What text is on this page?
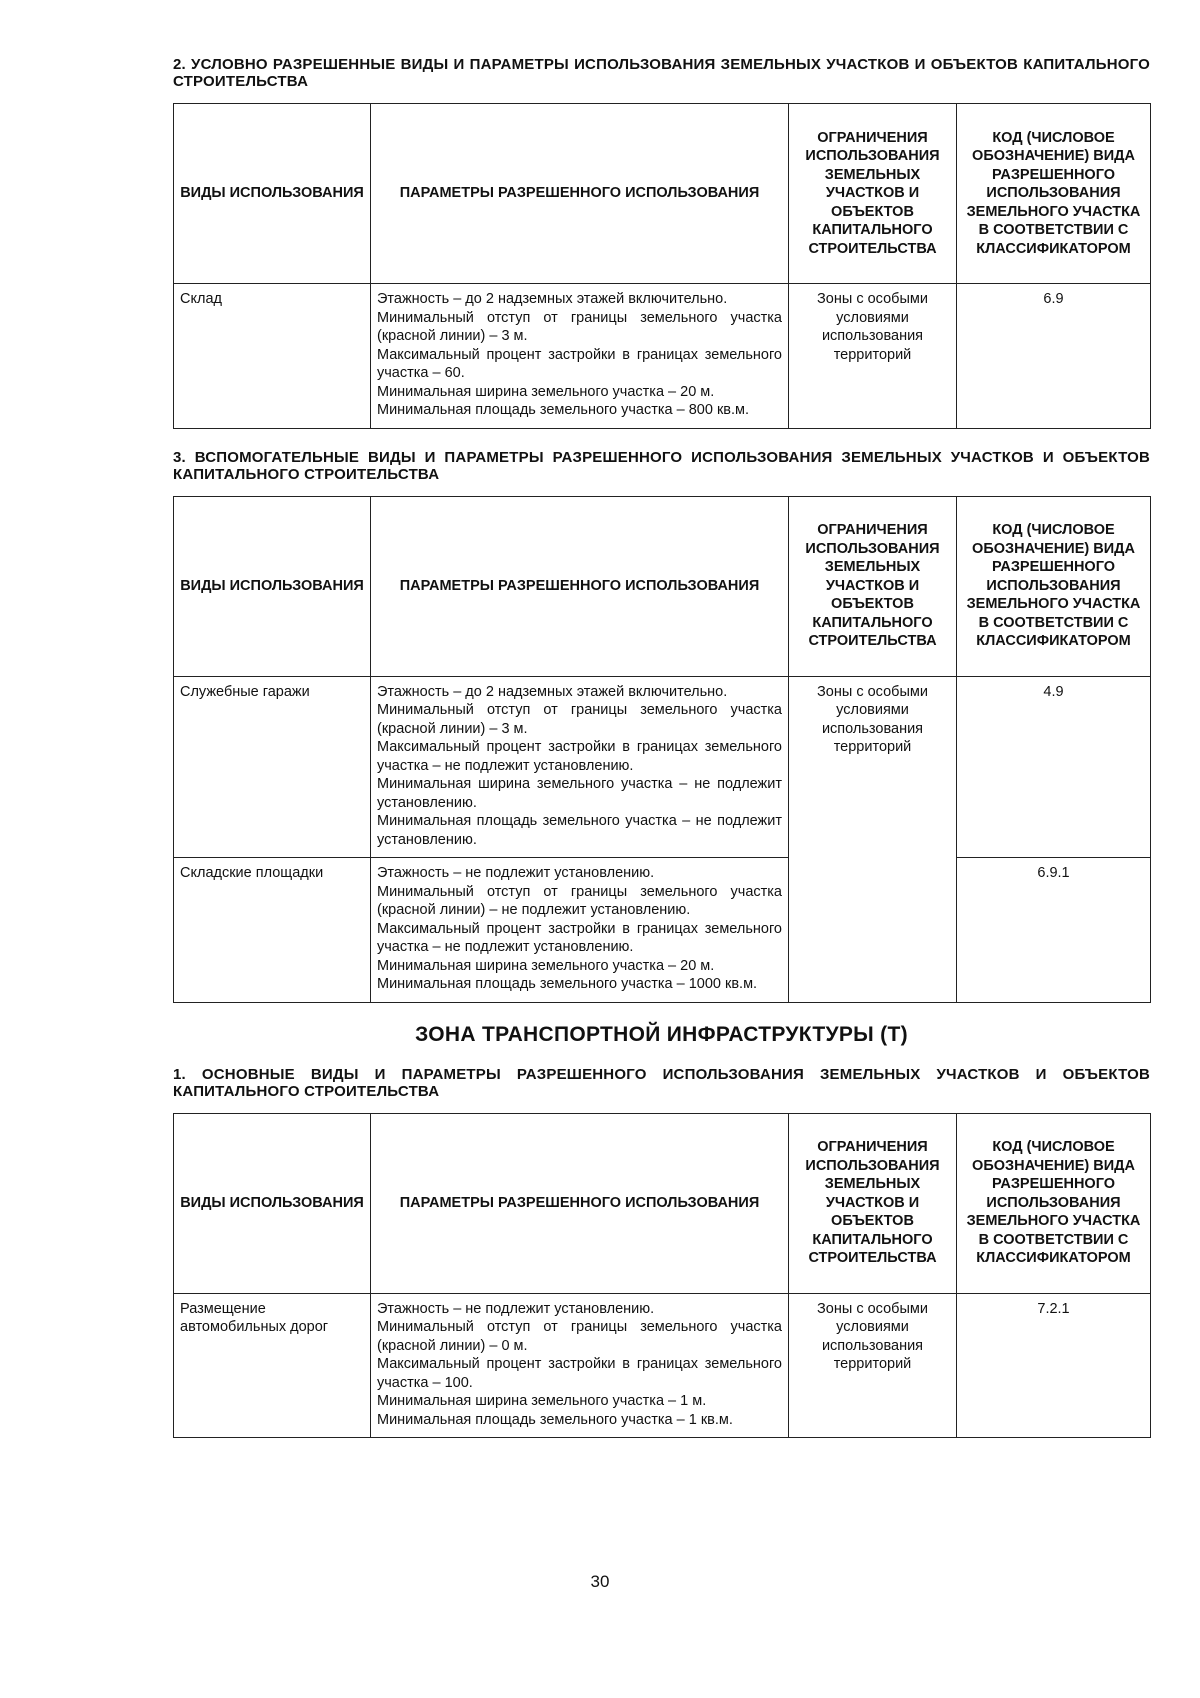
2. УСЛОВНО РАЗРЕШЕННЫЕ ВИДЫ И ПАРАМЕТРЫ ИСПОЛЬЗОВАНИЯ ЗЕМЕЛЬНЫХ УЧАСТКОВ И ОБЪЕКТОВ КАПИТАЛЬНОГО СТРОИТЕЛЬСТВА

ВИДЫ ИСПОЛЬЗОВАНИЯ	ПАРАМЕТРЫ РАЗРЕШЕННОГО ИСПОЛЬЗОВАНИЯ	ОГРАНИЧЕНИЯ ИСПОЛЬЗОВАНИЯ ЗЕМЕЛЬНЫХ УЧАСТКОВ И ОБЪЕКТОВ КАПИТАЛЬНОГО СТРОИТЕЛЬСТВА	КОД (ЧИСЛОВОЕ ОБОЗНАЧЕНИЕ) ВИДА РАЗРЕШЕННОГО ИСПОЛЬЗОВАНИЯ ЗЕМЕЛЬНОГО УЧАСТКА В СООТВЕТСТВИИ С КЛАССИФИКАТОРОМ
Склад	Этажность – до 2 надземных этажей включительно.
Минимальный отступ от границы земельного участка (красной линии) – 3 м.
Максимальный процент застройки в границах земельного участка – 60.
Минимальная ширина земельного участка – 20 м.
Минимальная площадь земельного участка – 800 кв.м.	Зоны с особыми условиями использования территорий	6.9

3. ВСПОМОГАТЕЛЬНЫЕ ВИДЫ И ПАРАМЕТРЫ РАЗРЕШЕННОГО ИСПОЛЬЗОВАНИЯ ЗЕМЕЛЬНЫХ УЧАСТКОВ И ОБЪЕКТОВ КАПИТАЛЬНОГО СТРОИТЕЛЬСТВА

ВИДЫ ИСПОЛЬЗОВАНИЯ	ПАРАМЕТРЫ РАЗРЕШЕННОГО ИСПОЛЬЗОВАНИЯ	ОГРАНИЧЕНИЯ ИСПОЛЬЗОВАНИЯ ЗЕМЕЛЬНЫХ УЧАСТКОВ И ОБЪЕКТОВ КАПИТАЛЬНОГО СТРОИТЕЛЬСТВА	КОД (ЧИСЛОВОЕ ОБОЗНАЧЕНИЕ) ВИДА РАЗРЕШЕННОГО ИСПОЛЬЗОВАНИЯ ЗЕМЕЛЬНОГО УЧАСТКА В СООТВЕТСТВИИ С КЛАССИФИКАТОРОМ
Служебные гаражи	Этажность – до 2 надземных этажей включительно.
Минимальный отступ от границы земельного участка (красной линии) – 3 м.
Максимальный процент застройки в границах земельного участка – не подлежит установлению.
Минимальная ширина земельного участка – не подлежит установлению.
Минимальная площадь земельного участка – не подлежит установлению.	Зоны с особыми условиями использования территорий	4.9
Складские площадки	Этажность – не подлежит установлению.
Минимальный отступ от границы земельного участка (красной линии) – не подлежит установлению.
Максимальный процент застройки в границах земельного участка – не подлежит установлению.
Минимальная ширина земельного участка – 20 м.
Минимальная площадь земельного участка – 1000 кв.м.		6.9.1

ЗОНА ТРАНСПОРТНОЙ ИНФРАСТРУКТУРЫ (Т)

1. ОСНОВНЫЕ ВИДЫ И ПАРАМЕТРЫ РАЗРЕШЕННОГО ИСПОЛЬЗОВАНИЯ ЗЕМЕЛЬНЫХ УЧАСТКОВ И ОБЪЕКТОВ КАПИТАЛЬНОГО СТРОИТЕЛЬСТВА

ВИДЫ ИСПОЛЬЗОВАНИЯ	ПАРАМЕТРЫ РАЗРЕШЕННОГО ИСПОЛЬЗОВАНИЯ	ОГРАНИЧЕНИЯ ИСПОЛЬЗОВАНИЯ ЗЕМЕЛЬНЫХ УЧАСТКОВ И ОБЪЕКТОВ КАПИТАЛЬНОГО СТРОИТЕЛЬСТВА	КОД (ЧИСЛОВОЕ ОБОЗНАЧЕНИЕ) ВИДА РАЗРЕШЕННОГО ИСПОЛЬЗОВАНИЯ ЗЕМЕЛЬНОГО УЧАСТКА В СООТВЕТСТВИИ С КЛАССИФИКАТОРОМ
Размещение автомобильных дорог	Этажность – не подлежит установлению.
Минимальный отступ от границы земельного участка (красной линии) – 0 м.
Максимальный процент застройки в границах земельного участка – 100.
Минимальная ширина земельного участка – 1 м.
Минимальная площадь земельного участка – 1 кв.м.	Зоны с особыми условиями использования территорий	7.2.1
30
